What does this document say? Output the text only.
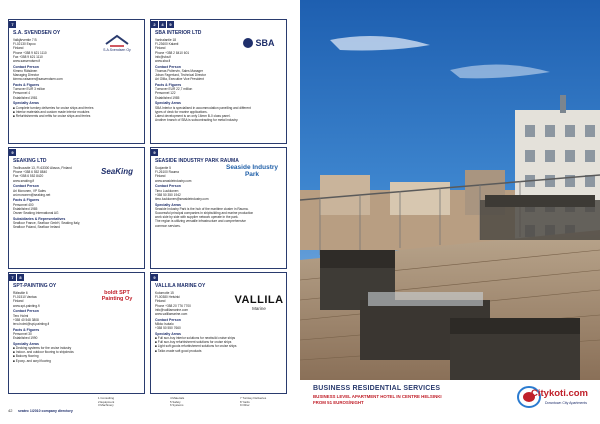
7
S.A. SVENDSEN OY
S.A.Svendsen Oy

Valkjärventie 7 B

FI-02130 Espoo

Finland

Phone +358 9 621 1110

Fax +358 9 621 1110

www.sasvendsen.fi

Contact Person

Kimmo Räisänen

Managing Director

kimmo.raisanen@sasvendsen.com

Facts & Figures

Turnover EUR 3 milion

Personnel 4

Established 1981

Specialty Areas

■ Complete turnkey deliveries for cruise ships and ferries

■ Interior materials and custom made interior modules

■ Refurbishments and refits for cruise ships and ferries

2	4	9
SBA INTERIOR LTD
SBA

Vanhalantie 18

FI-23600 Kalanti

Finland

Phone +358 2 8410 601

info@sba.fi

www.sba.fi

Contact Person

Thomas Poltervin, Sales Manager

Johan Fagerlund, Technical Director

Ari Ollila, Executive Vice President

Facts & Figures

Turnover EUR 22,7 million

Personnel 122

Established 1985

Specialty Areas

SBA Interior is specialised in accommodation panelling and different

types of deck for marine applications.

Latest development is an only 16mm B-0 class panel.

Another branch of SBA is subcontracting for metal industry.

9
SEAKING LTD
SeaKing

Teollisuustie 13, FI-63300 Alavus, Finland

Phone +358 6 552 8840

Fax +358 6 552 8420

www.seaking.fi

Contact Person

Ari Mononen, VP Sales

ari.mononen@seaking.net

Facts & Figures

Personnel 400

Established 1985

Owner Seaking International AG

Subsidiaries & Representatives

Seafloor France, Seafloor GmbH, Seaking Italy,

Seafloor Poland, Seafloor Ireland

9
SEASIDE INDUSTRY PARK RAUMA
Seaside Industry Park

Suojantie 5

FI-26100 Rauma

Finland

www.seasideindustry.com

Contact Person

Timo Luukkonen

+358 50 350 1942

timo.luukkonen@seasideindustry.com

Specialty Areas

Seaside Industry Park is the hub of the maritime cluster in Rauma.

Successful principal companies in shipbuilding and marine production

work side by side with supplier network operate in the park.

The region is utilizing versatile infrastructure and comprehensive

common services.

7	8
SPT-PAINTING OY
boldt SPT Painting Oy

Rälssitie 6

FI-01510 Vantaa

Finland

www.spt-painting.fi

Contact Person

Tero Holmi

+358 40 548 3808

tero.holmi@spt-painting.fi

Facts & Figures

Personnel 30

Established 1990

Specialty Areas

■ Decking systems for the cruise industry

■ Indoor- and outdoor flooring to shipdecks

■ Balcony flooring

■ Epoxy- and acryl flooring

9
VALLILA MARINE OY
VALLILA
Marine

Kutomotie 15

FI-00380 Helsinki

Finland

Phone +358 20 776 7700

info@vallilamarine.com

www.vallilamarine.com

Contact Person

Mikko Isotalo

+358 50 550 7660

Specialty Areas

■ Full sun-buy interior solutions for newbuild cruise ships

■ Full sun-buy refurbishment solutions for cruise ships

■ Light soft goods refurbishment solutions for cruise ships

■ Tailor-made soft good products

42 seatec 1/2010 company directory
1 Consulting
2 Equipment
3 Machinery
4 Materials
5 Safety
6 Systems
7 Turnkey Deliveries
8 Yards
9 Other
BUSINESS RESIDENTIAL SERVICES
BUSINESS LEVEL APARTMENT HOTEL IN CENTRE HELSINKI
FROM 51 EUROS/NIGHT
Citykoti.com
Downtown City Apartments
